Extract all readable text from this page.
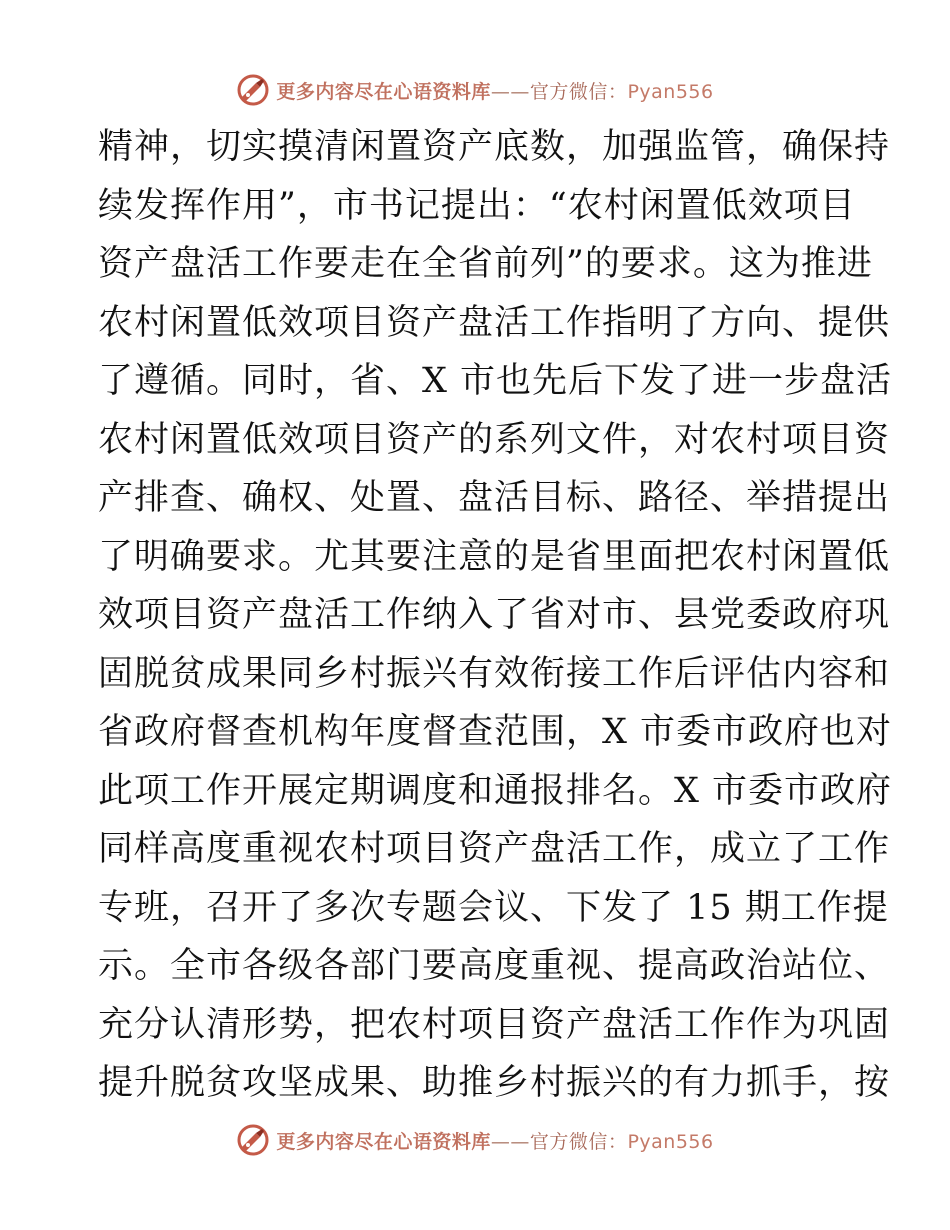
更多内容尽在心语资料库——官方微信：Pyan556
精神，切实摸清闲置资产底数，加强监管，确保持
续发挥作用”，市书记提出：“农村闲置低效项目
资产盘活工作要走在全省前列”的要求。这为推进
农村闲置低效项目资产盘活工作指明了方向、提供
了遵循。同时，省、X 市也先后下发了进一步盘活
农村闲置低效项目资产的系列文件，对农村项目资
产排查、确权、处置、盘活目标、路径、举措提出
了明确要求。尤其要注意的是省里面把农村闲置低
效项目资产盘活工作纳入了省对市、县党委政府巩
固脱贫成果同乡村振兴有效衔接工作后评估内容和
省政府督查机构年度督查范围，X 市委市政府也对
此项工作开展定期调度和通报排名。X 市委市政府
同样高度重视农村项目资产盘活工作，成立了工作
专班，召开了多次专题会议、下发了 15 期工作提
示。全市各级各部门要高度重视、提高政治站位、
充分认清形势，把农村项目资产盘活工作作为巩固
提升脱贫攻坚成果、助推乡村振兴的有力抓手，按
更多内容尽在心语资料库——官方微信：Pyan556
